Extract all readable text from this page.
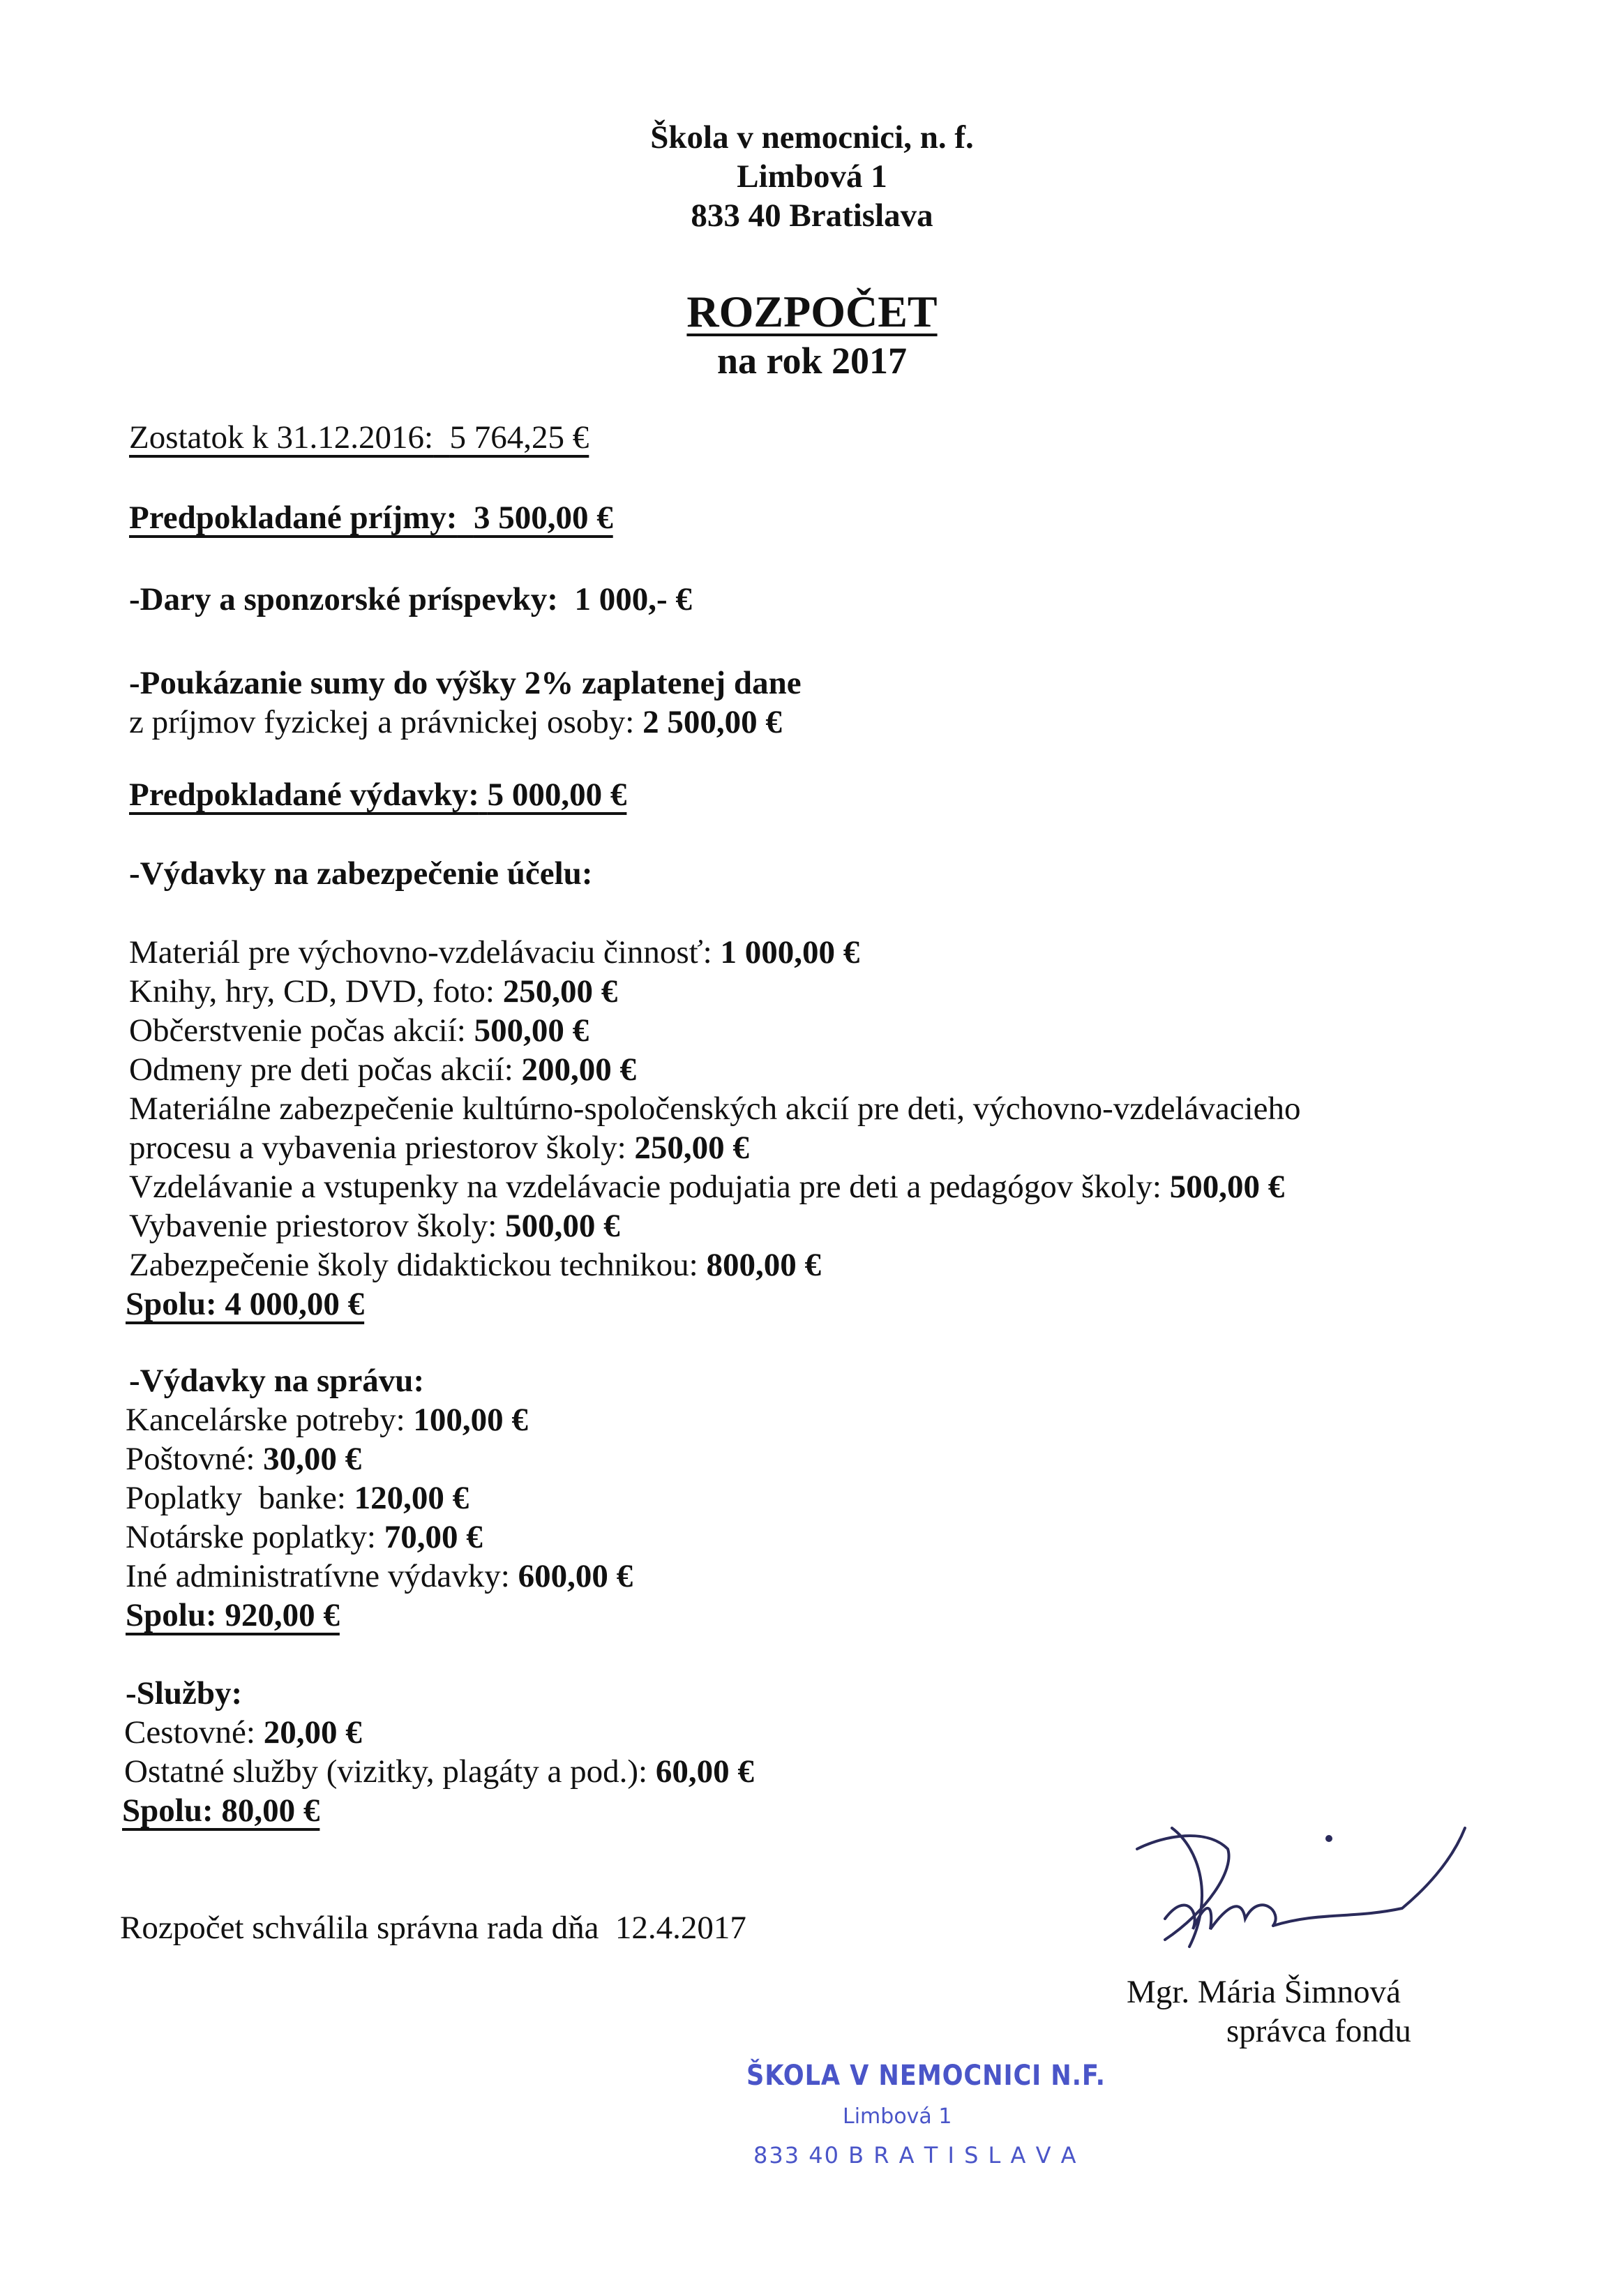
Škola v nemocnici, n. f.
Limbová 1
833 40 Bratislava
ROZPOČET
na rok 2017
Zostatok k 31.12.2016: 5 764,25 €
Predpokladané príjmy: 3 500,00 €
-Dary a sponzorské príspevky: 1 000,- €
-Poukázanie sumy do výšky 2% zaplatenej dane
z príjmov fyzickej a právnickej osoby: 2 500,00 €
Predpokladané výdavky: 5 000,00 €
-Výdavky na zabezpečenie účelu:
Materiál pre výchovno-vzdelávaciu činnosť: 1 000,00 €
Knihy, hry, CD, DVD, foto: 250,00 €
Občerstvenie počas akcií: 500,00 €
Odmeny pre deti počas akcií: 200,00 €
Materiálne zabezpečenie kultúrno-spoločenských akcií pre deti, výchovno-vzdelávacieho
procesu a vybavenia priestorov školy: 250,00 €
Vzdelávanie a vstupenky na vzdelávacie podujatia pre deti a pedagógov školy: 500,00 €
Vybavenie priestorov školy: 500,00 €
Zabezpečenie školy didaktickou technikou: 800,00 €
Spolu: 4 000,00 €
-Výdavky na správu:
Kancelárske potreby: 100,00 €
Poštovné: 30,00 €
Poplatky  banke: 120,00 €
Notárske poplatky: 70,00 €
Iné administratívne výdavky: 600,00 €
Spolu: 920,00 €
-Služby:
Cestovné: 20,00 €
Ostatné služby (vizitky, plagáty a pod.): 60,00 €
Spolu: 80,00 €
Rozpočet schválila správna rada dňa  12.4.2017
Mgr. Mária Šimnová
správca fondu
ŠKOLA V NEMOCNICI N.F.
Limbová 1
833 40 B R A T I S L A V A
